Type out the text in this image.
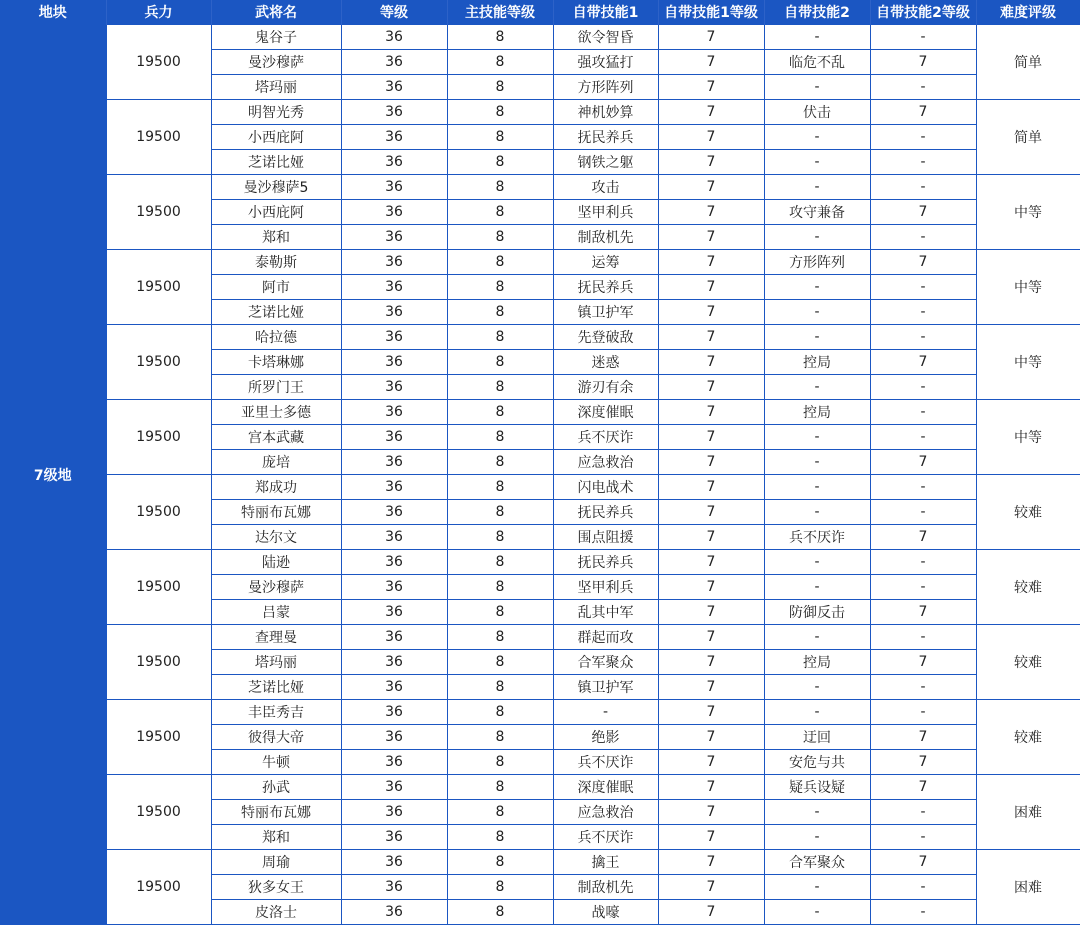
地块	兵力	武将名	等级	主技能等级	自带技能1	自带技能1等级	自带技能2	自带技能2等级	难度评级
7级地	19500	鬼谷子	36	8	欲令智昏	7	-	-	简单
		曼沙穆萨	36	8	强攻猛打	7	临危不乱	7	
		塔玛丽	36	8	方形阵列	7	-	-	
	19500	明智光秀	36	8	神机妙算	7	伏击	7	简单
		小西庇阿	36	8	抚民养兵	7	-	-	
		芝诺比娅	36	8	钢铁之躯	7	-	-	
	19500	曼沙穆萨5	36	8	攻击	7	-	-	中等
		小西庇阿	36	8	坚甲利兵	7	攻守兼备	7	
		郑和	36	8	制敌机先	7	-	-	
	19500	泰勒斯	36	8	运筹	7	方形阵列	7	中等
		阿市	36	8	抚民养兵	7	-	-	
		芝诺比娅	36	8	镇卫护军	7	-	-	
	19500	哈拉德	36	8	先登破敌	7	-	-	中等
		卡塔琳娜	36	8	迷惑	7	控局	7	
		所罗门王	36	8	游刃有余	7	-	-	
	19500	亚里士多德	36	8	深度催眠	7	控局	-	中等
		宫本武藏	36	8	兵不厌诈	7	-	-	
		庞培	36	8	应急救治	7	-	7	
	19500	郑成功	36	8	闪电战术	7	-	-	较难
		特丽布瓦娜	36	8	抚民养兵	7	-	-	
		达尔文	36	8	围点阻援	7	兵不厌诈	7	
	19500	陆逊	36	8	抚民养兵	7	-	-	较难
		曼沙穆萨	36	8	坚甲利兵	7	-	-	
		吕蒙	36	8	乱其中军	7	防御反击	7	
	19500	查理曼	36	8	群起而攻	7	-	-	较难
		塔玛丽	36	8	合军聚众	7	控局	7	
		芝诺比娅	36	8	镇卫护军	7	-	-	
	19500	丰臣秀吉	36	8	-	7	-	-	较难
		彼得大帝	36	8	绝影	7	迂回	7	
		牛顿	36	8	兵不厌诈	7	安危与共	7	
	19500	孙武	36	8	深度催眠	7	疑兵设疑	7	困难
		特丽布瓦娜	36	8	应急救治	7	-	-	
		郑和	36	8	兵不厌诈	7	-	-	
	19500	周瑜	36	8	擒王	7	合军聚众	7	困难
		狄多女王	36	8	制敌机先	7	-	-	
		皮洛士	36	8	战嚎	7	-	-	
